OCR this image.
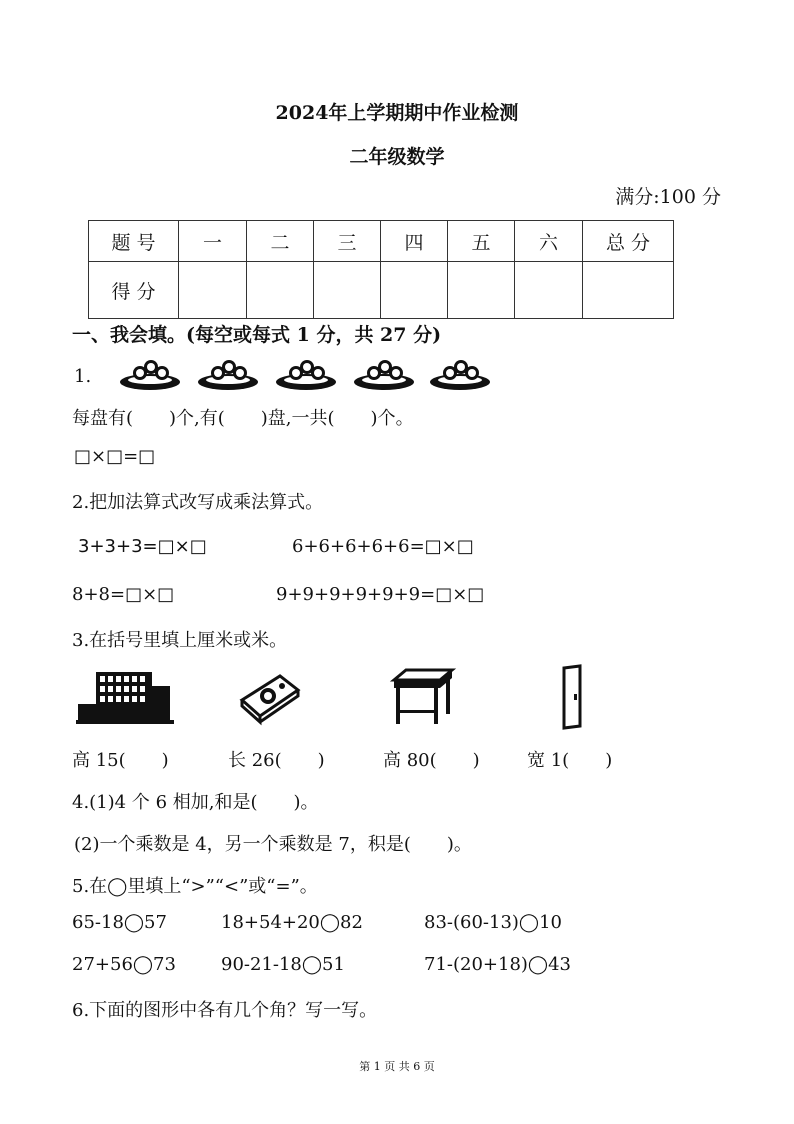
2024年上学期期中作业检测
二年级数学
满分:100 分
题 号	一	二	三	四	五	六	总 分
得 分							
一、我会填。(每空或每式 1 分，共 27 分)
1.
每盘有(　　)个,有(　　)盘,一共(　　)个。
□×□=□
2.把加法算式改写成乘法算式。
3+3+3=□×□	6+6+6+6+6=□×□
8+8=□×□	9+9+9+9+9+9=□×□
3.在括号里填上厘米或米。
高 15(　　)	长 26(　　)	高 80(　　)	宽 1(　　)
4.(1)4 个 6 相加,和是(　　)。
(2)一个乘数是 4，另一个乘数是 7，积是(　　)。
5.在◯里填上“>”“<”或“=”。
65-18◯57	18+54+20◯82	83-(60-13)◯10
27+56◯73	90-21-18◯51	71-(20+18)◯43
6.下面的图形中各有几个角？写一写。
第 1 页 共 6 页
